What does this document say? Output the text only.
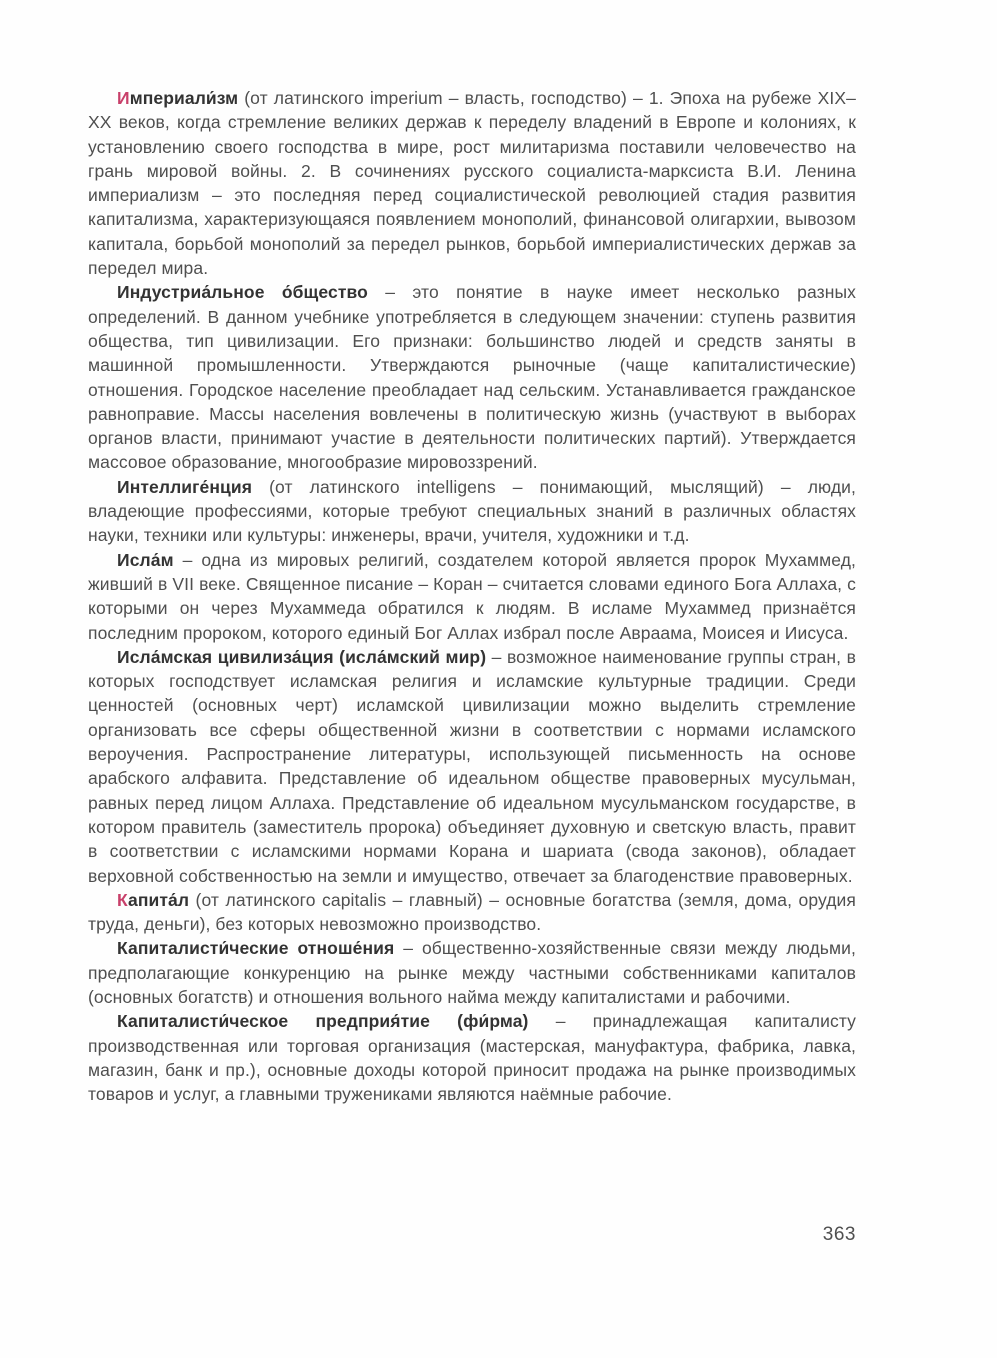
Империали́зм (от латинского imperium – власть, господство) – 1. Эпоха на рубеже XIX–XX веков, когда стремление великих держав к переделу владений в Европе и колониях, к установлению своего господства в мире, рост милитаризма поставили человечество на грань мировой войны. 2. В сочинениях русского социалиста-марксиста В.И. Ленина империализм – это последняя перед социалистической революцией стадия развития капитализма, характеризующаяся появлением монополий, финансовой олигархии, вывозом капитала, борьбой монополий за передел рынков, борьбой империалистических держав за передел мира.

Индустриа́льное о́бщество – это понятие в науке имеет несколько разных определений. В данном учебнике употребляется в следующем значении: ступень развития общества, тип цивилизации. Его признаки: большинство людей и средств заняты в машинной промышленности. Утверждаются рыночные (чаще капиталистические) отношения. Городское население преобладает над сельским. Устанавливается гражданское равноправие. Массы населения вовлечены в политическую жизнь (участвуют в выборах органов власти, принимают участие в деятельности политических партий). Утверждается массовое образование, многообразие мировоззрений.

Интеллиге́нция (от латинского intelligens – понимающий, мыслящий) – люди, владеющие профессиями, которые требуют специальных знаний в различных областях науки, техники или культуры: инженеры, врачи, учителя, художники и т.д.

Исла́м – одна из мировых религий, создателем которой является пророк Мухаммед, живший в VII веке. Священное писание – Коран – считается словами единого Бога Аллаха, с которыми он через Мухаммеда обратился к людям. В исламе Мухаммед признаётся последним пророком, которого единый Бог Аллах избрал после Авраама, Моисея и Иисуса.

Исла́мская цивилиза́ция (исла́мский мир) – возможное наименование группы стран, в которых господствует исламская религия и исламские культурные традиции. Среди ценностей (основных черт) исламской цивилизации можно выделить стремление организовать все сферы общественной жизни в соответствии с нормами исламского вероучения. Распространение литературы, использующей письменность на основе арабского алфавита. Представление об идеальном обществе правоверных мусульман, равных перед лицом Аллаха. Представление об идеальном мусульманском государстве, в котором правитель (заместитель пророка) объединяет духовную и светскую власть, правит в соответствии с исламскими нормами Корана и шариата (свода законов), обладает верховной собственностью на земли и имущество, отвечает за благоденствие правоверных.

Капита́л (от латинского capitalis – главный) – основные богатства (земля, дома, орудия труда, деньги), без которых невозможно производство.

Капиталисти́ческие отноше́ния – общественно-хозяйственные связи между людьми, предполагающие конкуренцию на рынке между частными собственниками капиталов (основных богатств) и отношения вольного найма между капиталистами и рабочими.

Капиталисти́ческое предприя́тие (фи́рма) – принадлежащая капиталисту производственная или торговая организация (мастерская, мануфактура, фабрика, лавка, магазин, банк и пр.), основные доходы которой приносит продажа на рынке производимых товаров и услуг, а главными тружениками являются наёмные рабочие.

363
